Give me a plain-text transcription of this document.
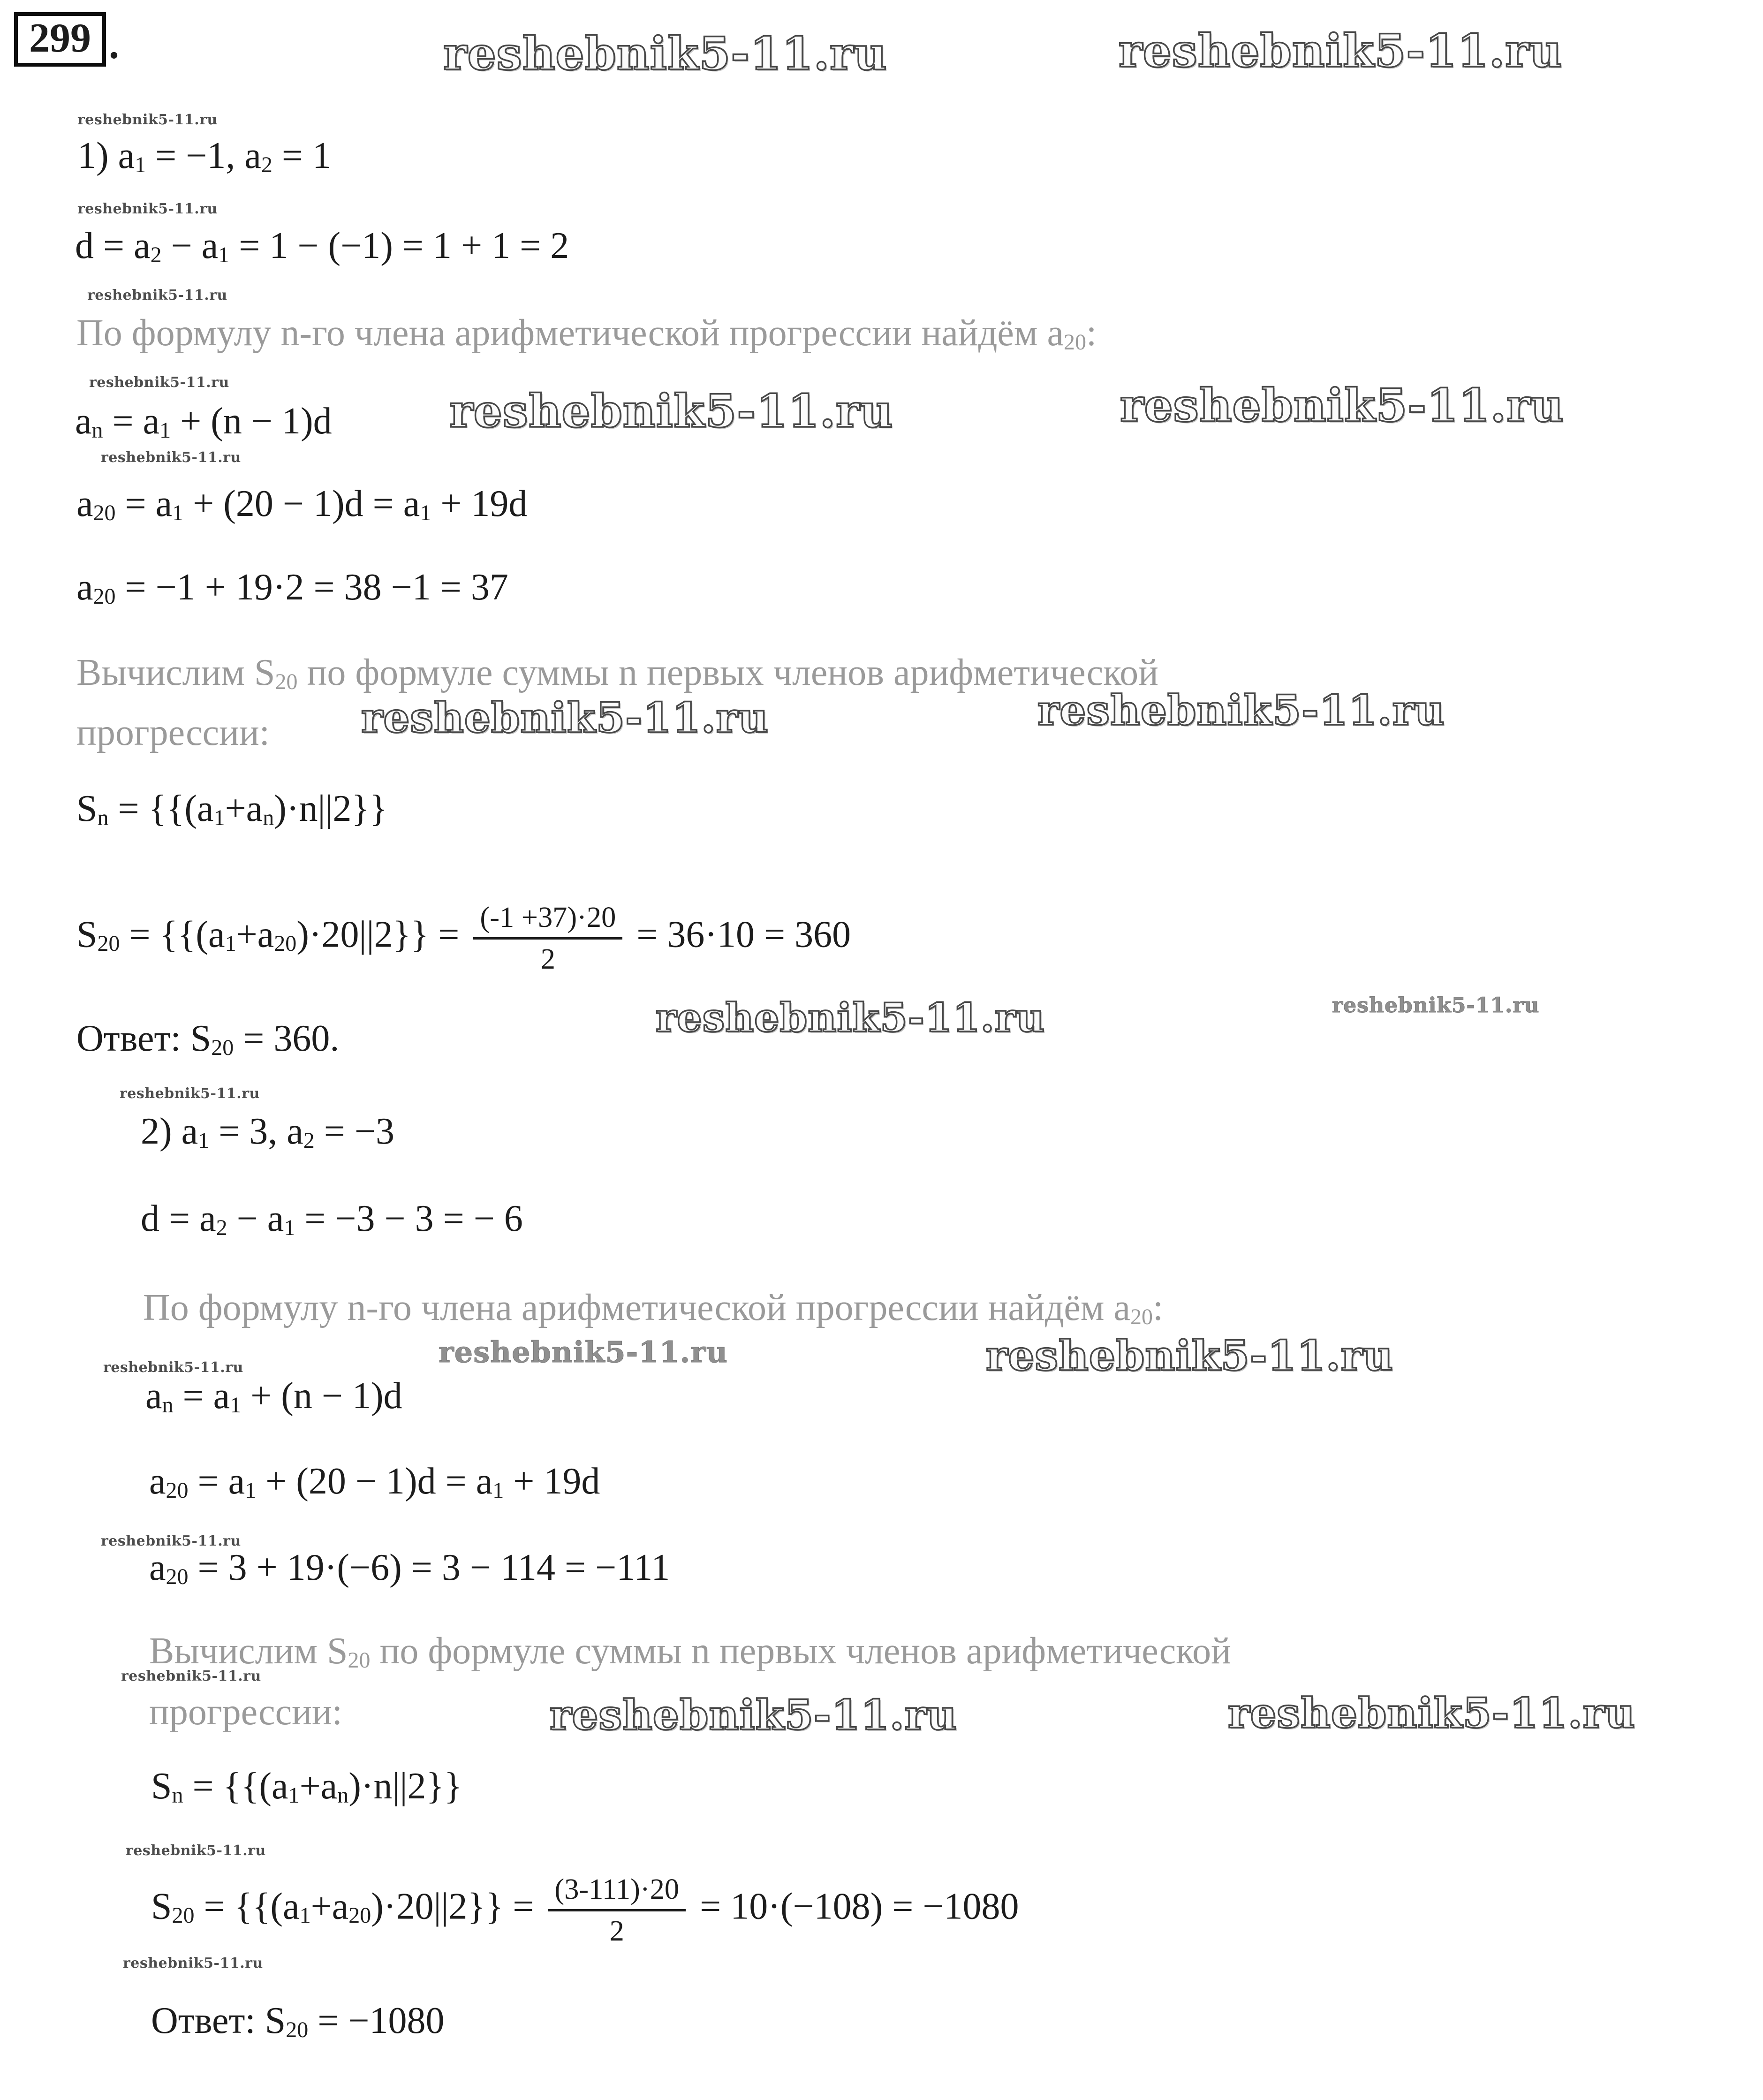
299 .
1) $a_1 = -1$, $a_2 = 1$
$d = a_2 - a_1 = 1 - (-1) = 1 + 1 = 2$
По формулу n-го члена арифметической прогрессии найдём $a_{20}$:
$a_n = a_1 + (n - 1)d$
$a_{20} = a_1 + (20 - 1)d = a_1 + 19d$
$a_{20} = -1 + 19\cdot 2 = 38 -1 = 37$
Вычислим $S_{20}$ по формуле суммы n первых членов арифметической
прогрессии:
$S_n = \{\{(a_1+a_n)\cdot n||2\}\}$
$S_{20} = \{\{(a_1+a_{20})\cdot 20||2\}\} = \frac{(-1 +37)\cdot 20}{2} = 36\cdot 10 = 360$
Ответ: $S_{20} = 360$.
2) $a_1 = 3$, $a_2 = -3$
$d = a_2 - a_1 = -3 - 3$ = − 6
По формулу n-го члена арифметической прогрессии найдём $a_{20}$:
$a_n = a_1 + (n - 1)d$
$a_{20} = a_1 + (20 - 1)d = a_1 + 19d$
$a_{20} = 3 + 19\cdot(-6) = 3 - 114 = -111$
Вычислим $S_{20}$ по формуле суммы n первых членов арифметической
прогрессии:
$S_n = \{\{(a_1+a_n)\cdot n||2\}\}$
$S_{20} = \{\{(a_1+a_{20})\cdot 20||2\}\} = \frac{(3-111)\cdot 20}{2} = 10\cdot(-108) = -1080$
Ответ: $S_{20} = -1080$
reshebnik5-11.ru	reshebnik5-11.ru
reshebnik5-11.ru	reshebnik5-11.ru
reshebnik5-11.ru	reshebnik5-11.ru
reshebnik5-11.ru	reshebnik5-11.ru
reshebnik5-11.ru	reshebnik5-11.ru
reshebnik5-11.ru	reshebnik5-11.ru
reshebnik5-11.ru
reshebnik5-11.ru
reshebnik5-11.ru
reshebnik5-11.ru
reshebnik5-11.ru
reshebnik5-11.ru
reshebnik5-11.ru
reshebnik5-11.ru
reshebnik5-11.ru
reshebnik5-11.ru
reshebnik5-11.ru
